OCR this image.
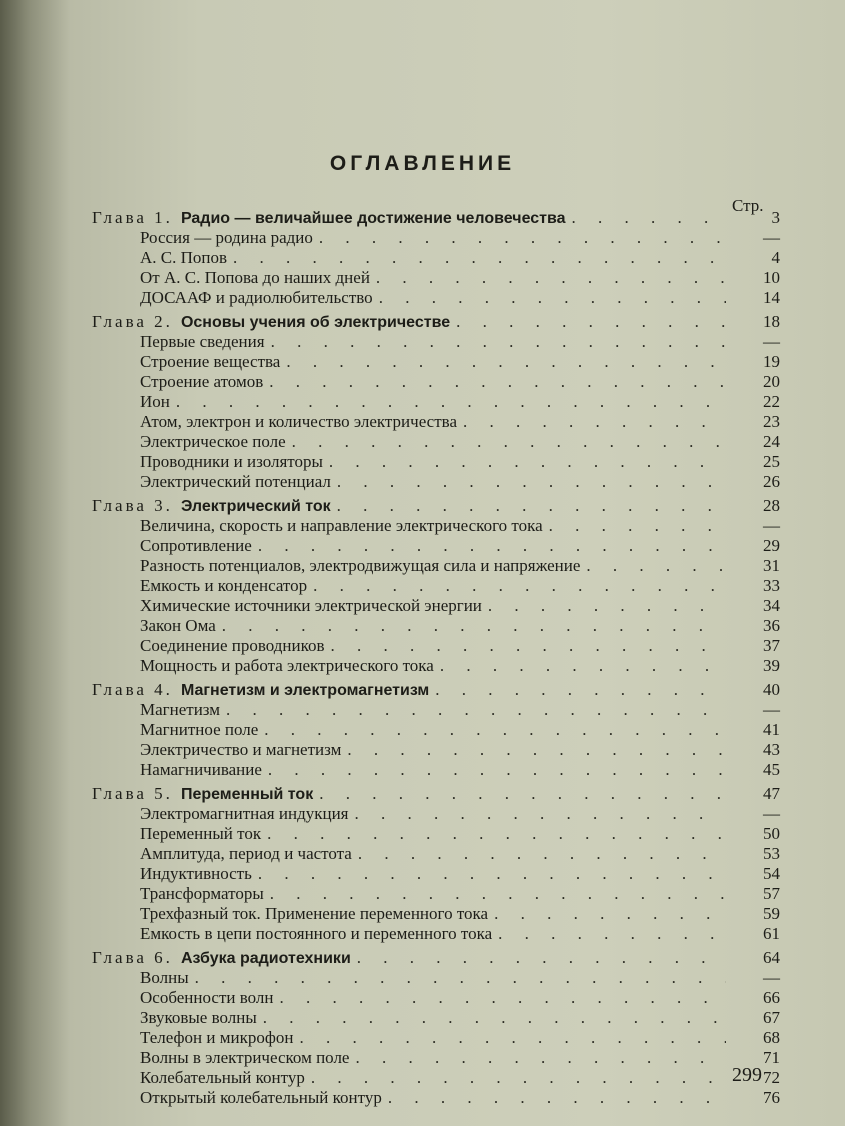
ОГЛАВЛЕНИЕ
Стр.
Глава 1. Радио — величайшее достижение человечества . . .	3
Россия — родина радио . . .	—
А. С. Попов . . .	4
От А. С. Попова до наших дней . . .	10
ДОСААФ и радиолюбительство . . .	14
Глава 2. Основы учения об электричестве . . .	18
Первые сведения . . .	—
Строение вещества . . .	19
Строение атомов . . .	20
Ион . . .	22
Атом, электрон и количество электричества . . .	23
Электрическое поле . . .	24
Проводники и изоляторы . . .	25
Электрический потенциал . . .	26
Глава 3. Электрический ток . . .	28
Величина, скорость и направление электрического тока . . .	—
Сопротивление . . .	29
Разность потенциалов, электродвижущая сила и напряжение . . .	31
Емкость и конденсатор . . .	33
Химические источники электрической энергии . . .	34
Закон Ома . . .	36
Соединение проводников . . .	37
Мощность и работа электрического тока . . .	39
Глава 4. Магнетизм и электромагнетизм . . .	40
Магнетизм . . .	—
Магнитное поле . . .	41
Электричество и магнетизм . . .	43
Намагничивание . . .	45
Глава 5. Переменный ток . . .	47
Электромагнитная индукция . . .	—
Переменный ток . . .	50
Амплитуда, период и частота . . .	53
Индуктивность . . .	54
Трансформаторы . . .	57
Трехфазный ток. Применение переменного тока . . .	59
Емкость в цепи постоянного и переменного тока . . .	61
Глава 6. Азбука радиотехники . . .	64
Волны . . .	—
Особенности волн . . .	66
Звуковые волны . . .	67
Телефон и микрофон . . .	68
Волны в электрическом поле . . .	71
Колебательный контур . . .	72
Открытый колебательный контур . . .	76
299
